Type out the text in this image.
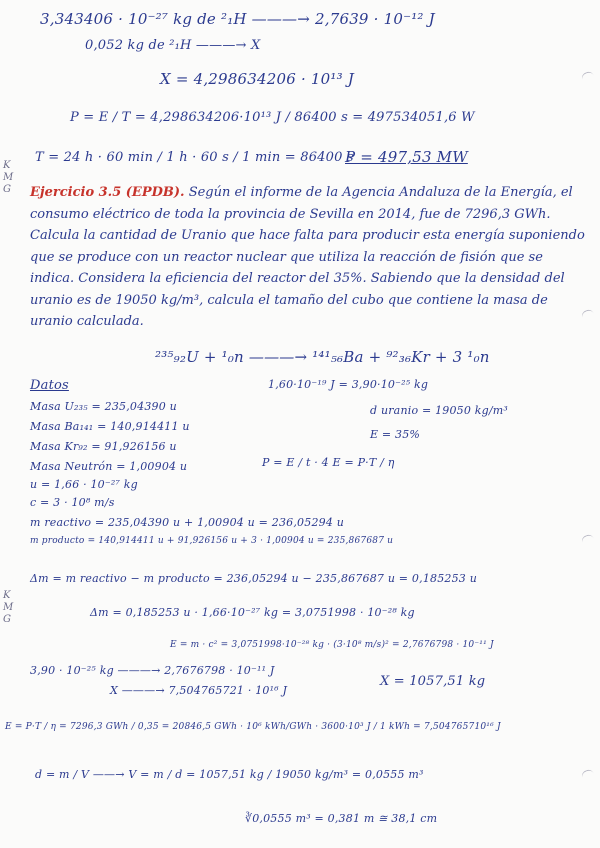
K M G
K M G
3,343406 · 10⁻²⁷ kg de ²₁H ———→ 2,7639 · 10⁻¹² J
0,052 kg de ²₁H ———→ X
X = 4,298634206 · 10¹³ J
P = E / T = 4,298634206·10¹³ J / 86400 s = 497534051,6 W
T = 24 h · 60 min / 1 h · 60 s / 1 min = 86400 s
P = 497,53 MW
Ejercicio 3.5 (EPDB). Según el informe de la Agencia Andaluza de la Energía, el consumo eléctrico de toda la provincia de Sevilla en 2014, fue de 7296,3 GWh. Calcula la cantidad de Uranio que hace falta para producir esta energía suponiendo que se produce con un reactor nuclear que utiliza la reacción de fisión que se indica. Considera la eficiencia del reactor del 35%. Sabiendo que la densidad del uranio es de 19050 kg/m³, calcula el tamaño del cubo que contiene la masa de uranio calculada.
²³⁵₉₂U + ¹₀n ———→ ¹⁴¹₅₆Ba + ⁹²₃₆Kr + 3 ¹₀n
Datos
Masa U₂₃₅ = 235,04390 u
Masa Ba₁₄₁ = 140,914411 u
Masa Kr₉₂ = 91,926156 u
Masa Neutrón = 1,00904 u
u = 1,66 · 10⁻²⁷ kg
c = 3 · 10⁸ m/s
1,60·10⁻¹⁹ J = 3,90·10⁻²⁵ kg
d uranio = 19050 kg/m³
E = 35%
P = E / t · 4 E = P·T / η
m reactivo = 235,04390 u + 1,00904 u = 236,05294 u
m producto = 140,914411 u + 91,926156 u + 3 · 1,00904 u = 235,867687 u
Δm = m reactivo − m producto = 236,05294 u − 235,867687 u = 0,185253 u
Δm = 0,185253 u · 1,66·10⁻²⁷ kg = 3,0751998 · 10⁻²⁸ kg
E = m · c² = 3,0751998·10⁻²⁸ kg · (3·10⁸ m/s)² = 2,7676798 · 10⁻¹¹ J
3,90 · 10⁻²⁵ kg ———→ 2,7676798 · 10⁻¹¹ J
X ———→ 7,504765721 · 10¹⁶ J
X = 1057,51 kg
E = P·T / η = 7296,3 GWh / 0,35 = 20846,5 GWh · 10⁶ kWh/GWh · 3600·10³ J / 1 kWh = 7,504765710¹⁶ J
d = m / V ——→ V = m / d = 1057,51 kg / 19050 kg/m³ = 0,0555 m³
∛0,0555 m³ = 0,381 m ≅ 38,1 cm
